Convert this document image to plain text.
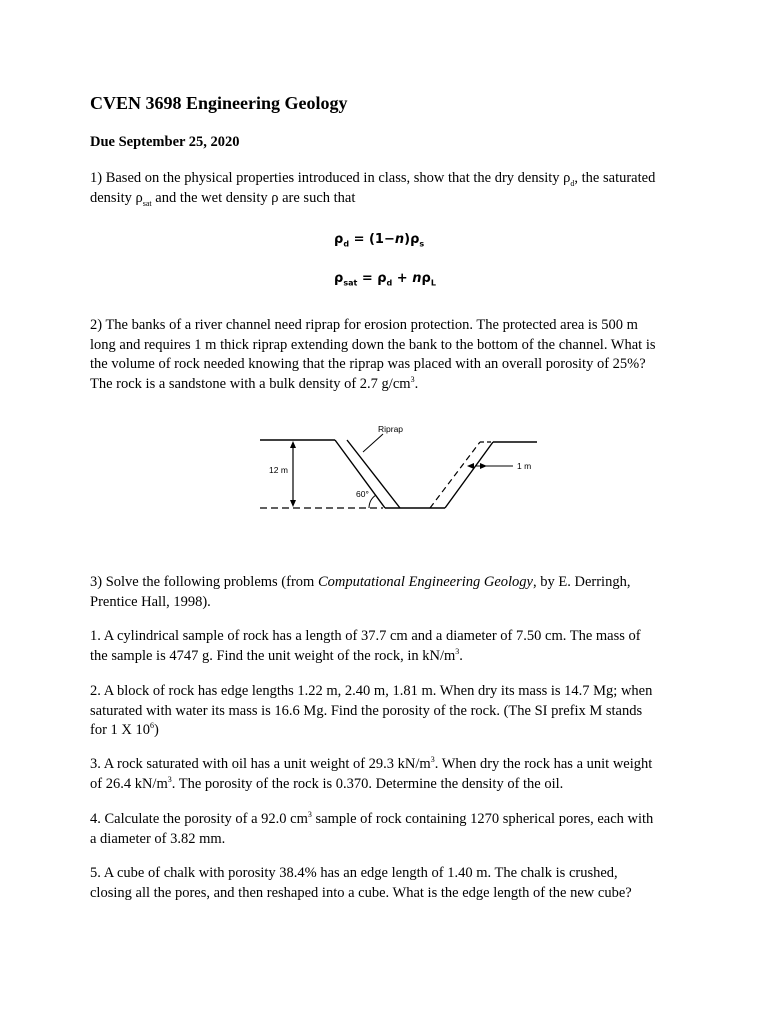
CVEN 3698 Engineering Geology
Due September 25, 2020
1) Based on the physical properties introduced in class, show that the dry density $\rho_d$, the saturated
density $\rho_{sat}$ and the wet density ρ are such that
$\rho_d = (1-n)\rho_s$
$\rho_{sat} = \rho_d + n\rho_L$
2) The banks of a river channel need riprap for erosion protection. The protected area is 500 m
long and requires 1 m thick riprap extending down the bank to the bottom of the channel. What is
the volume of rock needed knowing that the riprap was placed with an overall porosity of 25%?
The rock is a sandstone with a bulk density of 2.7 $g/cm^3$.
12 m
Riprap
60°
1 m
3) Solve the following problems (from Computational Engineering Geology, by E. Derringh,
Prentice Hall, 1998).
1. A cylindrical sample of rock has a length of 37.7 cm and a diameter of 7.50 cm. The mass of
the sample is 4747 g. Find the unit weight of the rock, in $kN/m^3$.
2. A block of rock has edge lengths 1.22 m, 2.40 m, 1.81 m. When dry its mass is 14.7 Mg; when
saturated with water its mass is 16.6 Mg. Find the porosity of the rock. (The SI prefix M stands
for 1 X $10^6$)
3. A rock saturated with oil has a unit weight of 29.3 $kN/m^3$. When dry the rock has a unit weight
of 26.4 $kN/m^3$. The porosity of the rock is 0.370. Determine the density of the oil.
4. Calculate the porosity of a 92.0 $cm^3$ sample of rock containing 1270 spherical pores, each with
a diameter of 3.82 mm.
5. A cube of chalk with porosity 38.4% has an edge length of 1.40 m. The chalk is crushed,
closing all the pores, and then reshaped into a cube. What is the edge length of the new cube?
